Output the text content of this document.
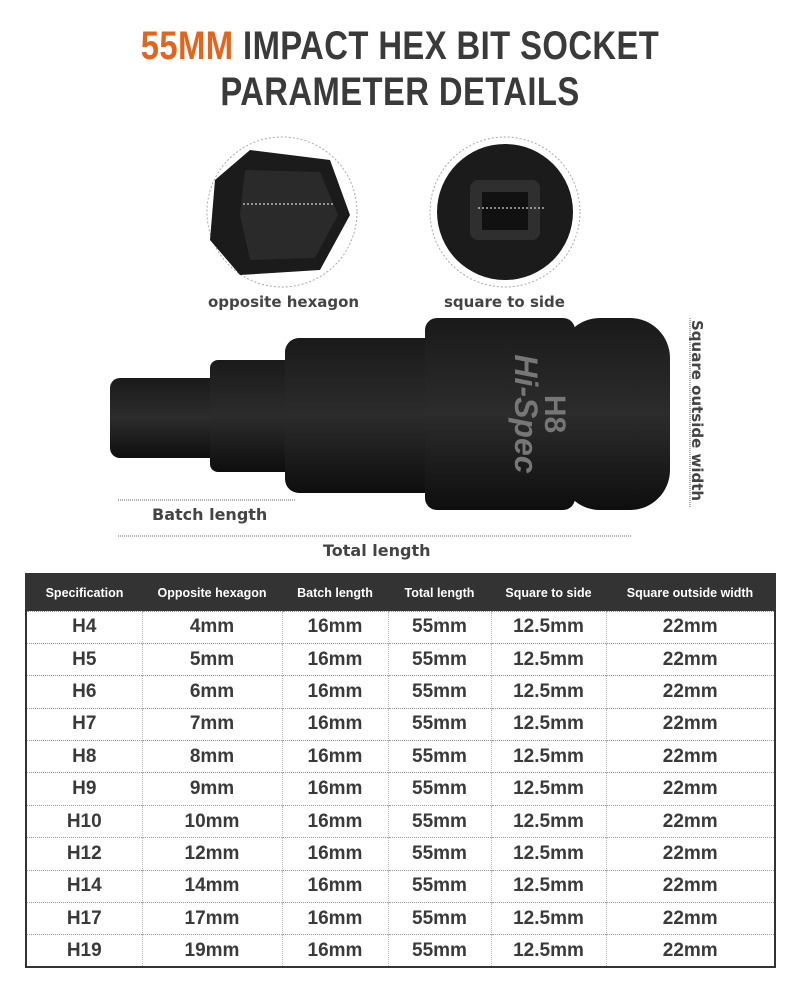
55MM IMPACT HEX BIT SOCKET
PARAMETER DETAILS
Hi-Spec
H8
opposite hexagon	square to side
Square outside width
Batch length
Total length
Specification	Opposite hexagon	Batch length	Total length	Square to side	Square outside width
H4	4mm	16mm	55mm	12.5mm	22mm
H5	5mm	16mm	55mm	12.5mm	22mm
H6	6mm	16mm	55mm	12.5mm	22mm
H7	7mm	16mm	55mm	12.5mm	22mm
H8	8mm	16mm	55mm	12.5mm	22mm
H9	9mm	16mm	55mm	12.5mm	22mm
H10	10mm	16mm	55mm	12.5mm	22mm
H12	12mm	16mm	55mm	12.5mm	22mm
H14	14mm	16mm	55mm	12.5mm	22mm
H17	17mm	16mm	55mm	12.5mm	22mm
H19	19mm	16mm	55mm	12.5mm	22mm
